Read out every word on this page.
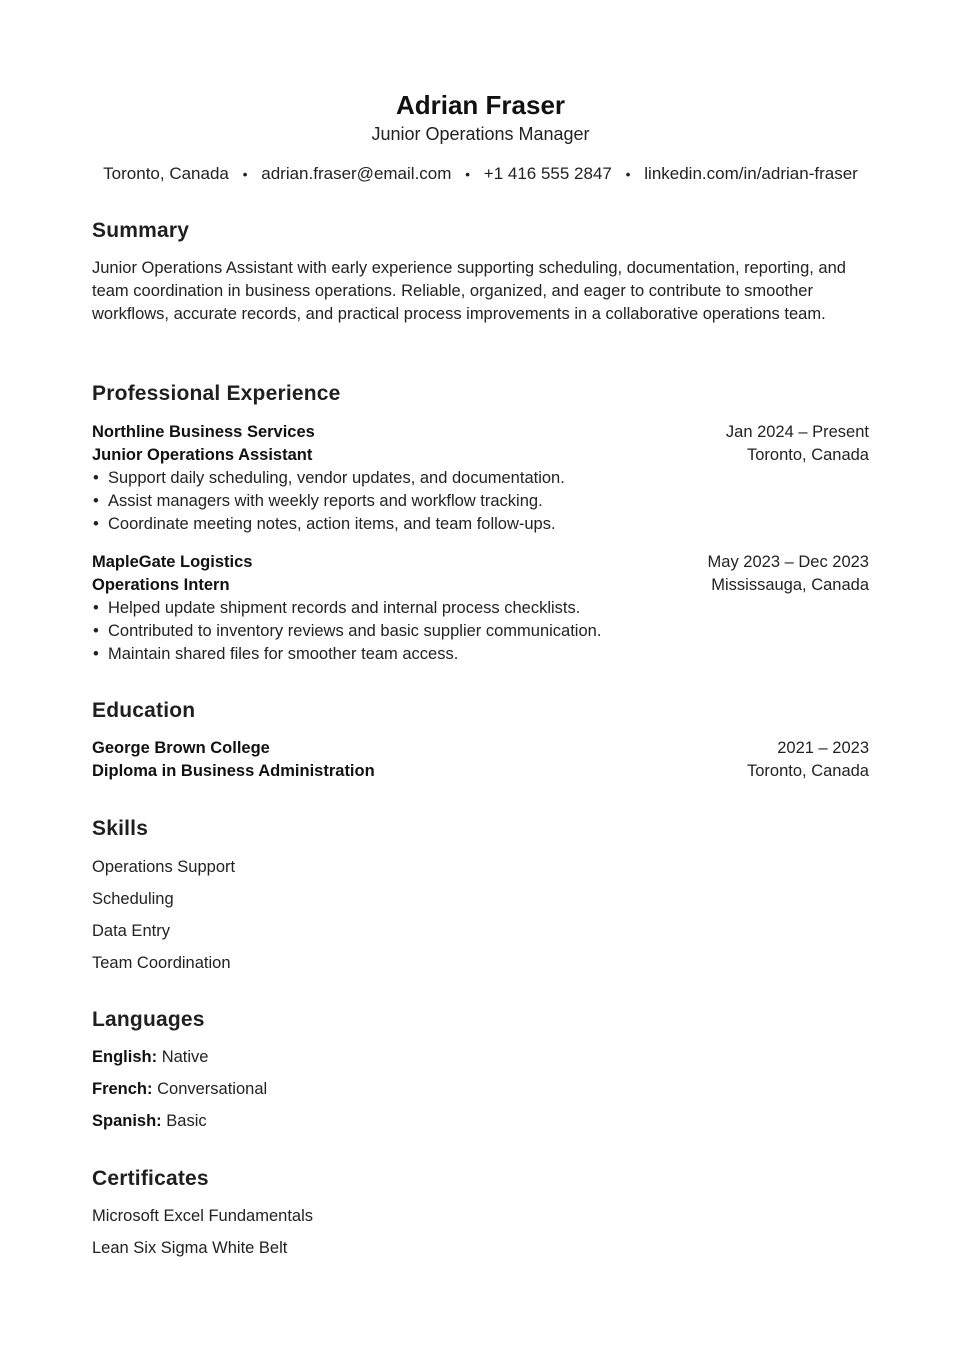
Adrian Fraser
Junior Operations Manager
Toronto, Canada • adrian.fraser@email.com • +1 416 555 2847 • linkedin.com/in/adrian-fraser
Summary
Junior Operations Assistant with early experience supporting scheduling, documentation, reporting, and team coordination in business operations. Reliable, organized, and eager to contribute to smoother workflows, accurate records, and practical process improvements in a collaborative operations team.
Professional Experience
Northline Business Services	Jan 2024 – Present
Junior Operations Assistant	Toronto, Canada
• Support daily scheduling, vendor updates, and documentation.
• Assist managers with weekly reports and workflow tracking.
• Coordinate meeting notes, action items, and team follow-ups.
MapleGate Logistics	May 2023 – Dec 2023
Operations Intern	Mississauga, Canada
• Helped update shipment records and internal process checklists.
• Contributed to inventory reviews and basic supplier communication.
• Maintain shared files for smoother team access.
Education
George Brown College	2021 – 2023
Diploma in Business Administration	Toronto, Canada
Skills
Operations Support
Scheduling
Data Entry
Team Coordination
Languages
English: Native
French: Conversational
Spanish: Basic
Certificates
Microsoft Excel Fundamentals
Lean Six Sigma White Belt
